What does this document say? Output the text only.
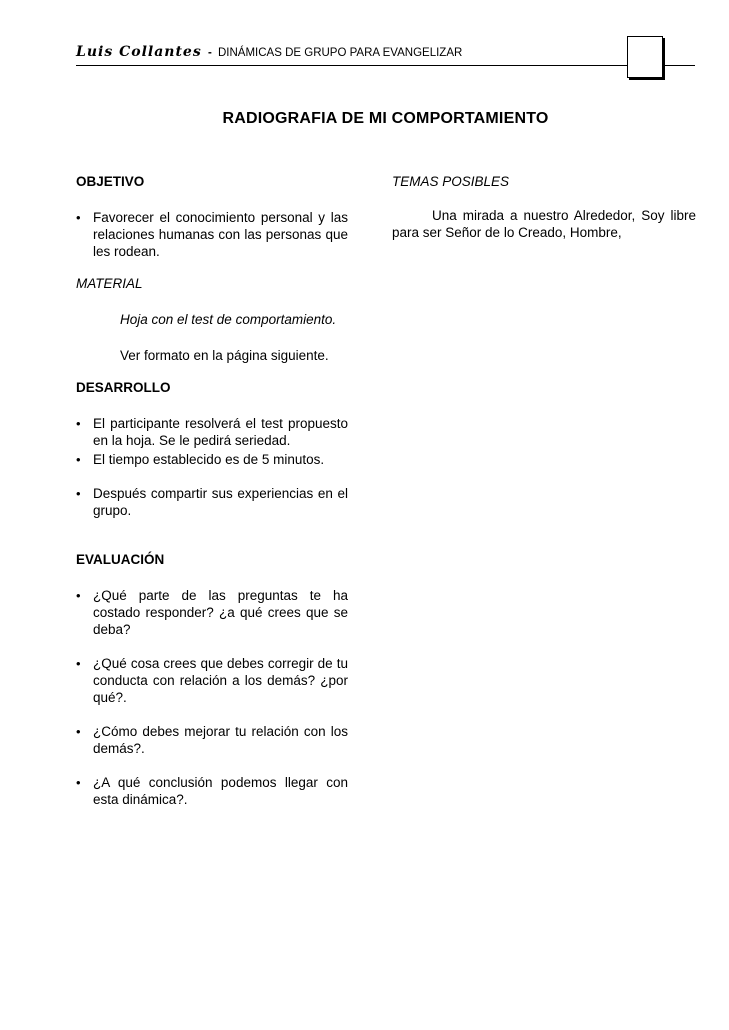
Luis Collantes - DINÁMICAS DE GRUPO PARA EVANGELIZAR
RADIOGRAFIA DE MI COMPORTAMIENTO

OBJETIVO

• Favorecer el conocimiento personal y las relaciones humanas con las personas que les rodean.

MATERIAL

Hoja con el test de comportamiento.

Ver formato en la página siguiente.

DESARROLLO

• El participante resolverá el test propuesto en la hoja. Se le pedirá seriedad.
• El tiempo establecido es de 5 minutos.
• Después compartir sus experiencias en el grupo.

EVALUACIÓN

• ¿Qué parte de las preguntas te ha costado responder? ¿a qué crees que se deba?
• ¿Qué cosa crees que debes corregir de tu conducta con relación a los demás? ¿por qué?.
• ¿Cómo debes mejorar tu relación con los demás?.
• ¿A qué conclusión podemos llegar con esta dinámica?.

TEMAS POSIBLES

Una mirada a nuestro Alrededor, Soy libre para ser Señor de lo Creado, Hombre,
